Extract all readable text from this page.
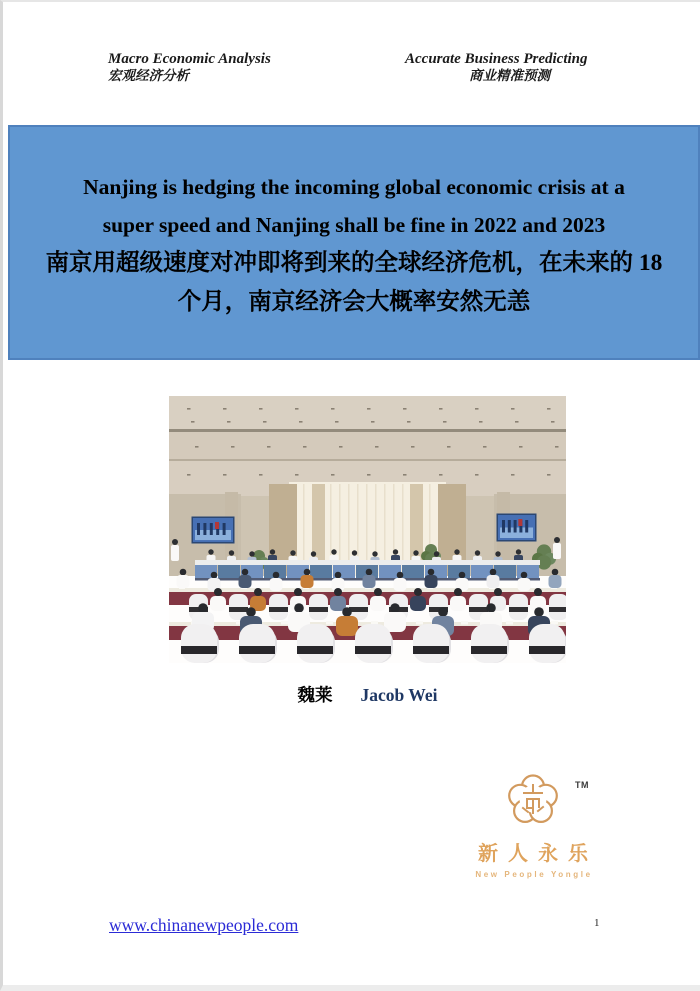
Macro Economic Analysis
宏观经济分析
Accurate Business Predicting
商业精准预测
Nanjing is hedging the incoming global economic crisis at a
super speed and Nanjing shall be fine in 2022 and 2023
南京用超级速度对冲即将到来的全球经济危机，在未来的 18
个月，南京经济会大概率安然无恙
魏莱 Jacob Wei
TM
新人永乐
New People Yongle
www.chinanewpeople.com	1
